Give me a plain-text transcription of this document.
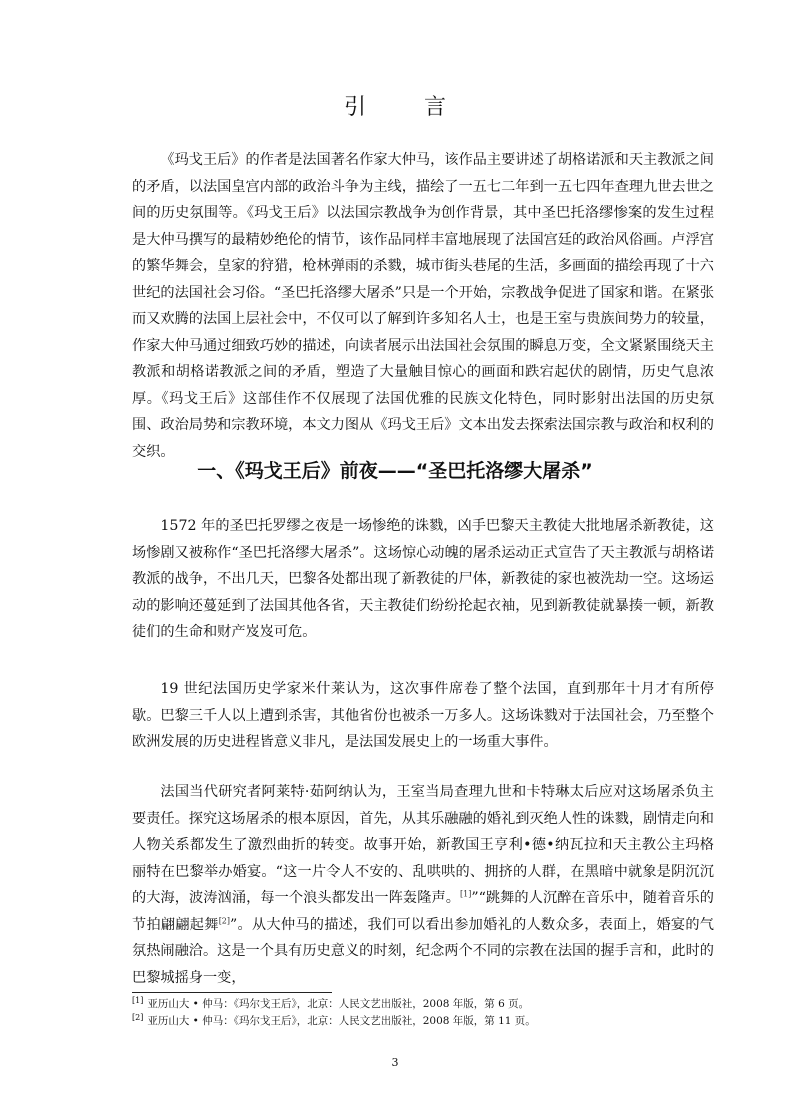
引　言

《玛戈王后》的作者是法国著名作家大仲马，该作品主要讲述了胡格诺派和天主教派之间的矛盾，以法国皇宫内部的政治斗争为主线，描绘了一五七二年到一五七四年查理九世去世之间的历史氛围等。《玛戈王后》以法国宗教战争为创作背景，其中圣巴托洛缪惨案的发生过程是大仲马撰写的最精妙绝伦的情节，该作品同样丰富地展现了法国宫廷的政治风俗画。卢浮宫的繁华舞会，皇家的狩猎，枪林弹雨的杀戮，城市街头巷尾的生活，多画面的描绘再现了十六世纪的法国社会习俗。“圣巴托洛缪大屠杀”只是一个开始，宗教战争促进了国家和谐。在紧张而又欢腾的法国上层社会中，不仅可以了解到许多知名人士，也是王室与贵族间势力的较量，作家大仲马通过细致巧妙的描述，向读者展示出法国社会氛围的瞬息万变，全文紧紧围绕天主教派和胡格诺教派之间的矛盾，塑造了大量触目惊心的画面和跌宕起伏的剧情，历史气息浓厚。《玛戈王后》这部佳作不仅展现了法国优雅的民族文化特色，同时影射出法国的历史氛围、政治局势和宗教环境，本文力图从《玛戈王后》文本出发去探索法国宗教与政治和权利的交织。

一、《玛戈王后》前夜——“圣巴托洛缪大屠杀”

1572 年的圣巴托罗缪之夜是一场惨绝的诛戮，凶手巴黎天主教徒大批地屠杀新教徒，这场惨剧又被称作“圣巴托洛缪大屠杀”。这场惊心动魄的屠杀运动正式宣告了天主教派与胡格诺教派的战争，不出几天，巴黎各处都出现了新教徒的尸体，新教徒的家也被洗劫一空。这场运动的影响还蔓延到了法国其他各省，天主教徒们纷纷抡起衣袖，见到新教徒就暴揍一顿，新教徒们的生命和财产岌岌可危。

19 世纪法国历史学家米什莱认为，这次事件席卷了整个法国，直到那年十月才有所停歇。巴黎三千人以上遭到杀害，其他省份也被杀一万多人。这场诛戮对于法国社会，乃至整个欧洲发展的历史进程皆意义非凡，是法国发展史上的一场重大事件。

法国当代研究者阿莱特·茹阿纳认为，王室当局查理九世和卡特琳太后应对这场屠杀负主要责任。探究这场屠杀的根本原因，首先，从其乐融融的婚礼到灭绝人性的诛戮，剧情走向和人物关系都发生了激烈曲折的转变。故事开始，新教国王亨利•德•纳瓦拉和天主教公主玛格丽特在巴黎举办婚宴。“这一片令人不安的、乱哄哄的、拥挤的人群，在黑暗中就象是阴沉沉的大海，波涛汹涌，每一个浪头都发出一阵轰隆声。[1]”“跳舞的人沉醉在音乐中，随着音乐的节拍翩翩起舞[2]”。从大仲马的描述，我们可以看出参加婚礼的人数众多，表面上，婚宴的气氛热闹融洽。这是一个具有历史意义的时刻，纪念两个不同的宗教在法国的握手言和，此时的巴黎城摇身一变，

[1] 亚历山大 • 仲马：《玛尔戈王后》，北京：人民文艺出版社，2008 年版，第 6 页。
[2] 亚历山大 • 仲马：《玛尔戈王后》，北京：人民文艺出版社，2008 年版，第 11 页。
3
